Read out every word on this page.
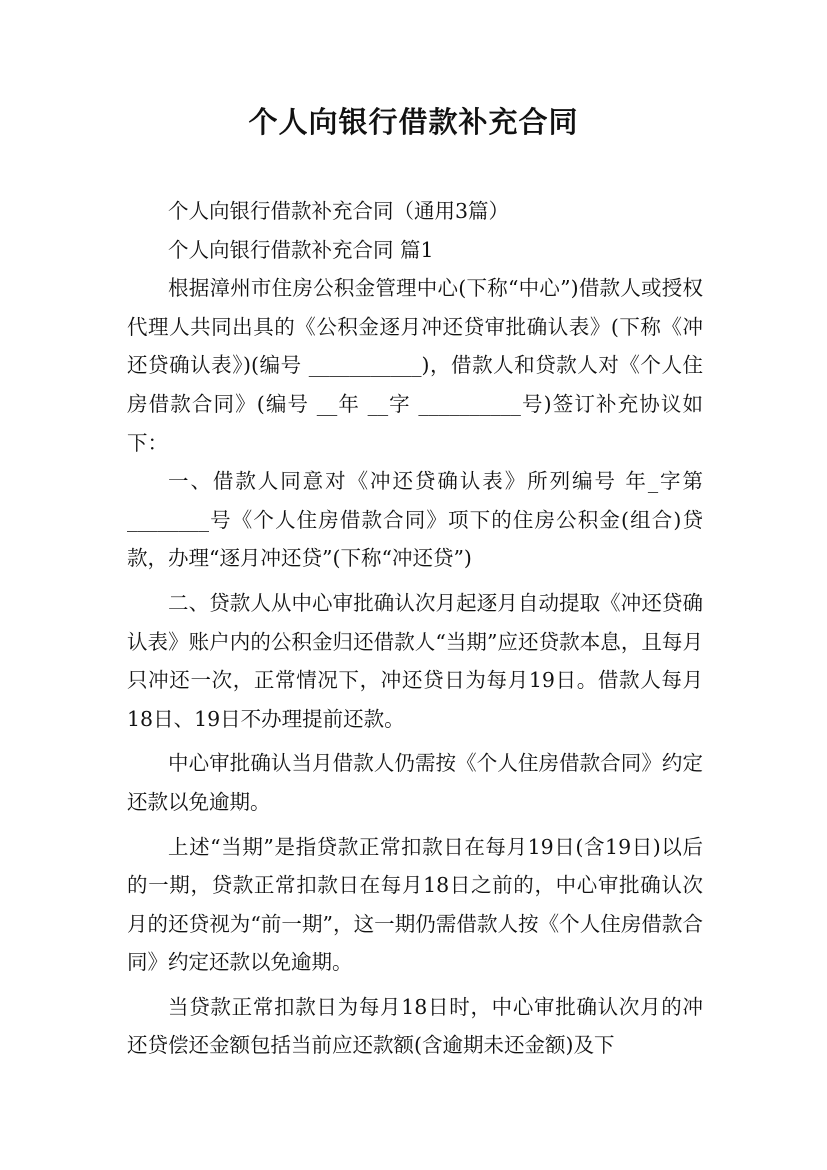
个人向银行借款补充合同

个人向银行借款补充合同（通用3篇）

个人向银行借款补充合同 篇1

根据漳州市住房公积金管理中心(下称“中心”)借款人或授权代理人共同出具的《公积金逐月冲还贷审批确认表》(下称《冲还贷确认表》)(编号 ___________)，借款人和贷款人对《个人住房借款合同》(编号 __年 __字 __________号)签订补充协议如下：

一、借款人同意对《冲还贷确认表》所列编号 年_字第________号《个人住房借款合同》项下的住房公积金(组合)贷款，办理“逐月冲还贷”(下称“冲还贷”)

二、贷款人从中心审批确认次月起逐月自动提取《冲还贷确认表》账户内的公积金归还借款人“当期”应还贷款本息，且每月只冲还一次，正常情况下，冲还贷日为每月19日。借款人每月18日、19日不办理提前还款。

中心审批确认当月借款人仍需按《个人住房借款合同》约定还款以免逾期。

上述“当期”是指贷款正常扣款日在每月19日(含19日)以后的一期，贷款正常扣款日在每月18日之前的，中心审批确认次月的还贷视为“前一期”，这一期仍需借款人按《个人住房借款合同》约定还款以免逾期。

当贷款正常扣款日为每月18日时，中心审批确认次月的冲还贷偿还金额包括当前应还款额(含逾期未还金额)及下
